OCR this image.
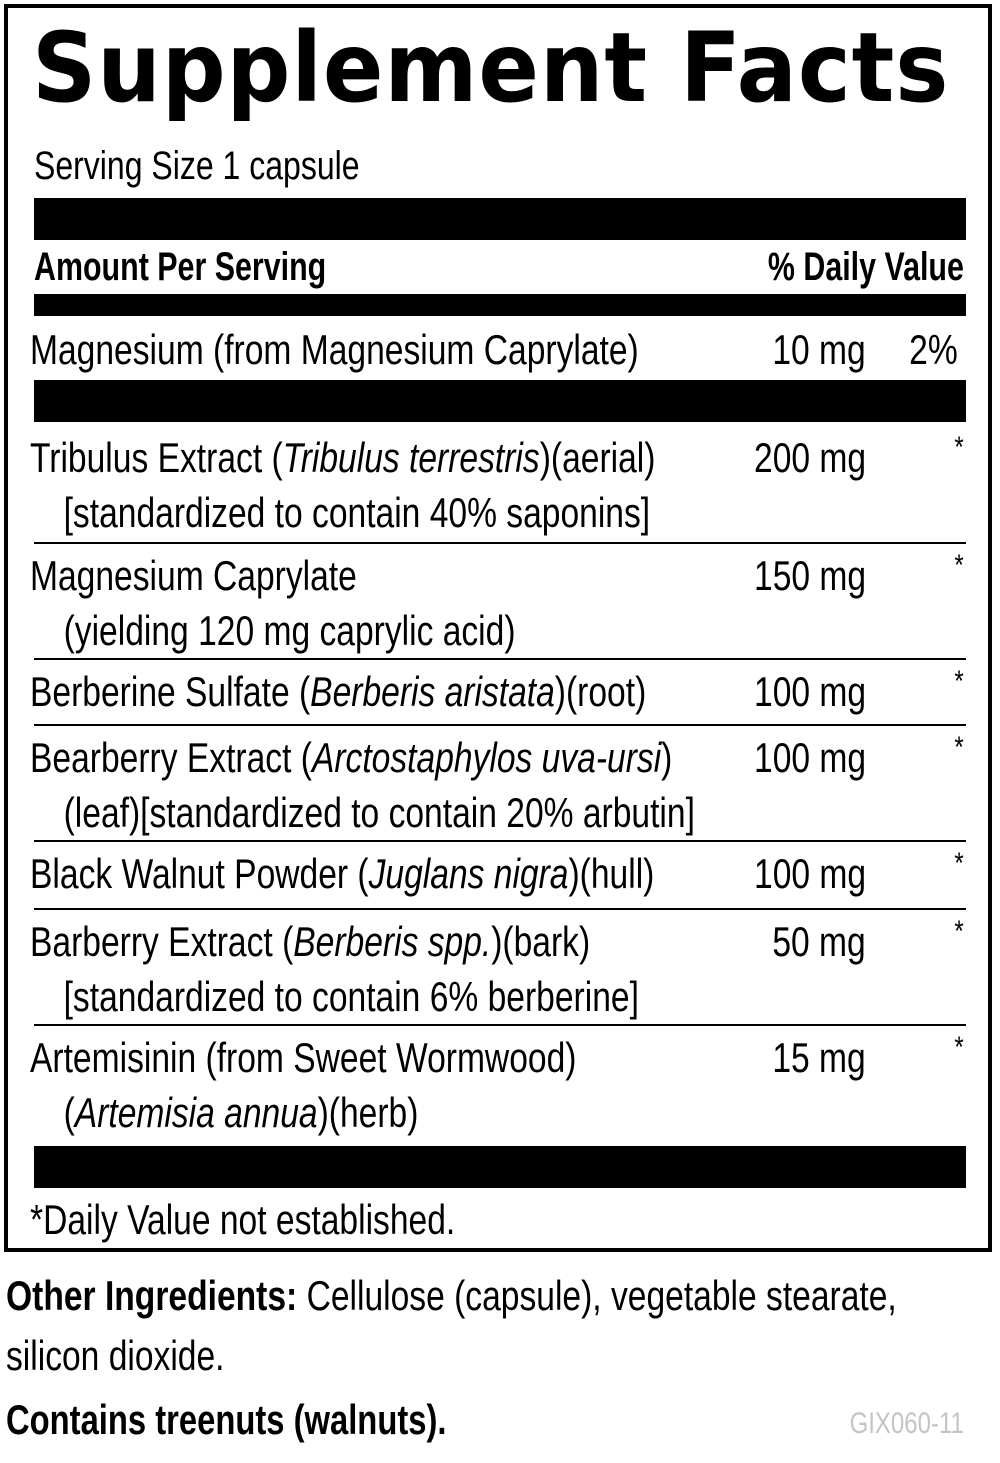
Supplement Facts
Serving Size 1 capsule
Amount Per Serving	% Daily Value
Magnesium (from Magnesium Caprylate)	10 mg 2%
Tribulus Extract (Tribulus terrestris)(aerial)
[standardized to contain 40% saponins]
200 mg	*
Magnesium Caprylate
(yielding 120 mg caprylic acid)
150 mg	*
Berberine Sulfate (Berberis aristata)(root)	100 mg	*
Bearberry Extract (Arctostaphylos uva-ursi)
(leaf)[standardized to contain 20% arbutin]
100 mg	*
Black Walnut Powder (Juglans nigra)(hull) 100 mg	*
Barberry Extract (Berberis spp.)(bark)
[standardized to contain 6% berberine]
50 mg	*
Artemisinin (from Sweet Wormwood)
(Artemisia annua)(herb)
15 mg	*
*Daily Value not established.
Other Ingredients: Cellulose (capsule), vegetable stearate, silicon dioxide.
Contains treenuts (walnuts).	GIX060-11
